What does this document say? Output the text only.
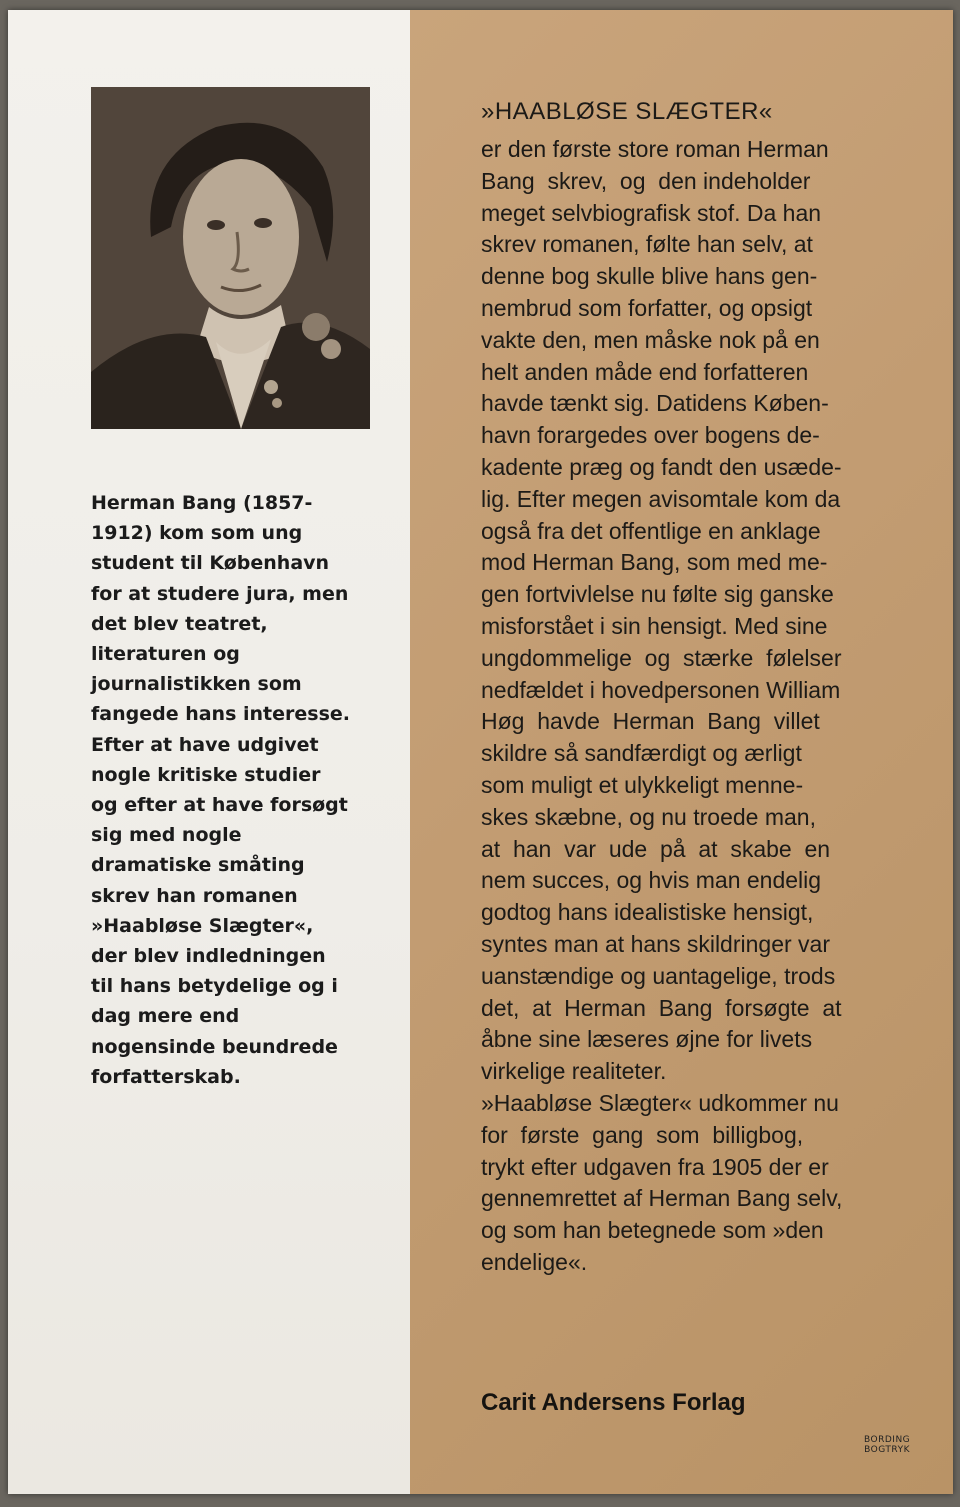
Herman Bang (1857-
1912) kom som ung
student til København
for at studere jura, men
det blev teatret,
literaturen og
journalistikken som
fangede hans interesse.
Efter at have udgivet
nogle kritiske studier
og efter at have forsøgt
sig med nogle
dramatiske småting
skrev han romanen
»Haabløse Slægter«,
der blev indledningen
til hans betydelige og i
dag mere end
nogensinde beundrede
forfatterskab.

»HAABLØSE SLÆGTER«

er den første store roman Herman
Bang  skrev,  og  den indeholder
meget selvbiografisk stof. Da han
skrev romanen, følte han selv, at
denne bog skulle blive hans gen-
nembrud som forfatter, og opsigt
vakte den, men måske nok på en
helt anden måde end forfatteren
havde tænkt sig. Datidens Køben-
havn forargedes over bogens de-
kadente præg og fandt den usæde-
lig. Efter megen avisomtale kom da
også fra det offentlige en anklage
mod Herman Bang, som med me-
gen fortvivlelse nu følte sig ganske
misforstået i sin hensigt. Med sine
ungdommelige  og  stærke  følelser
nedfældet i hovedpersonen William
Høg  havde  Herman  Bang  villet
skildre så sandfærdigt og ærligt
som muligt et ulykkeligt menne-
skes skæbne, og nu troede man,
at  han  var  ude  på  at  skabe  en
nem succes, og hvis man endelig
godtog hans idealistiske hensigt,
syntes man at hans skildringer var
uanstændige og uantagelige, trods
det,  at  Herman  Bang  forsøgte  at
åbne sine læseres øjne for livets
virkelige realiteter.
»Haabløse Slægter« udkommer nu
for  første  gang  som  billigbog,
trykt efter udgaven fra 1905 der er
gennemrettet af Herman Bang selv,
og som han betegnede som »den
endelige«.

Carit Andersens Forlag

BORDING
BOGTRYK
